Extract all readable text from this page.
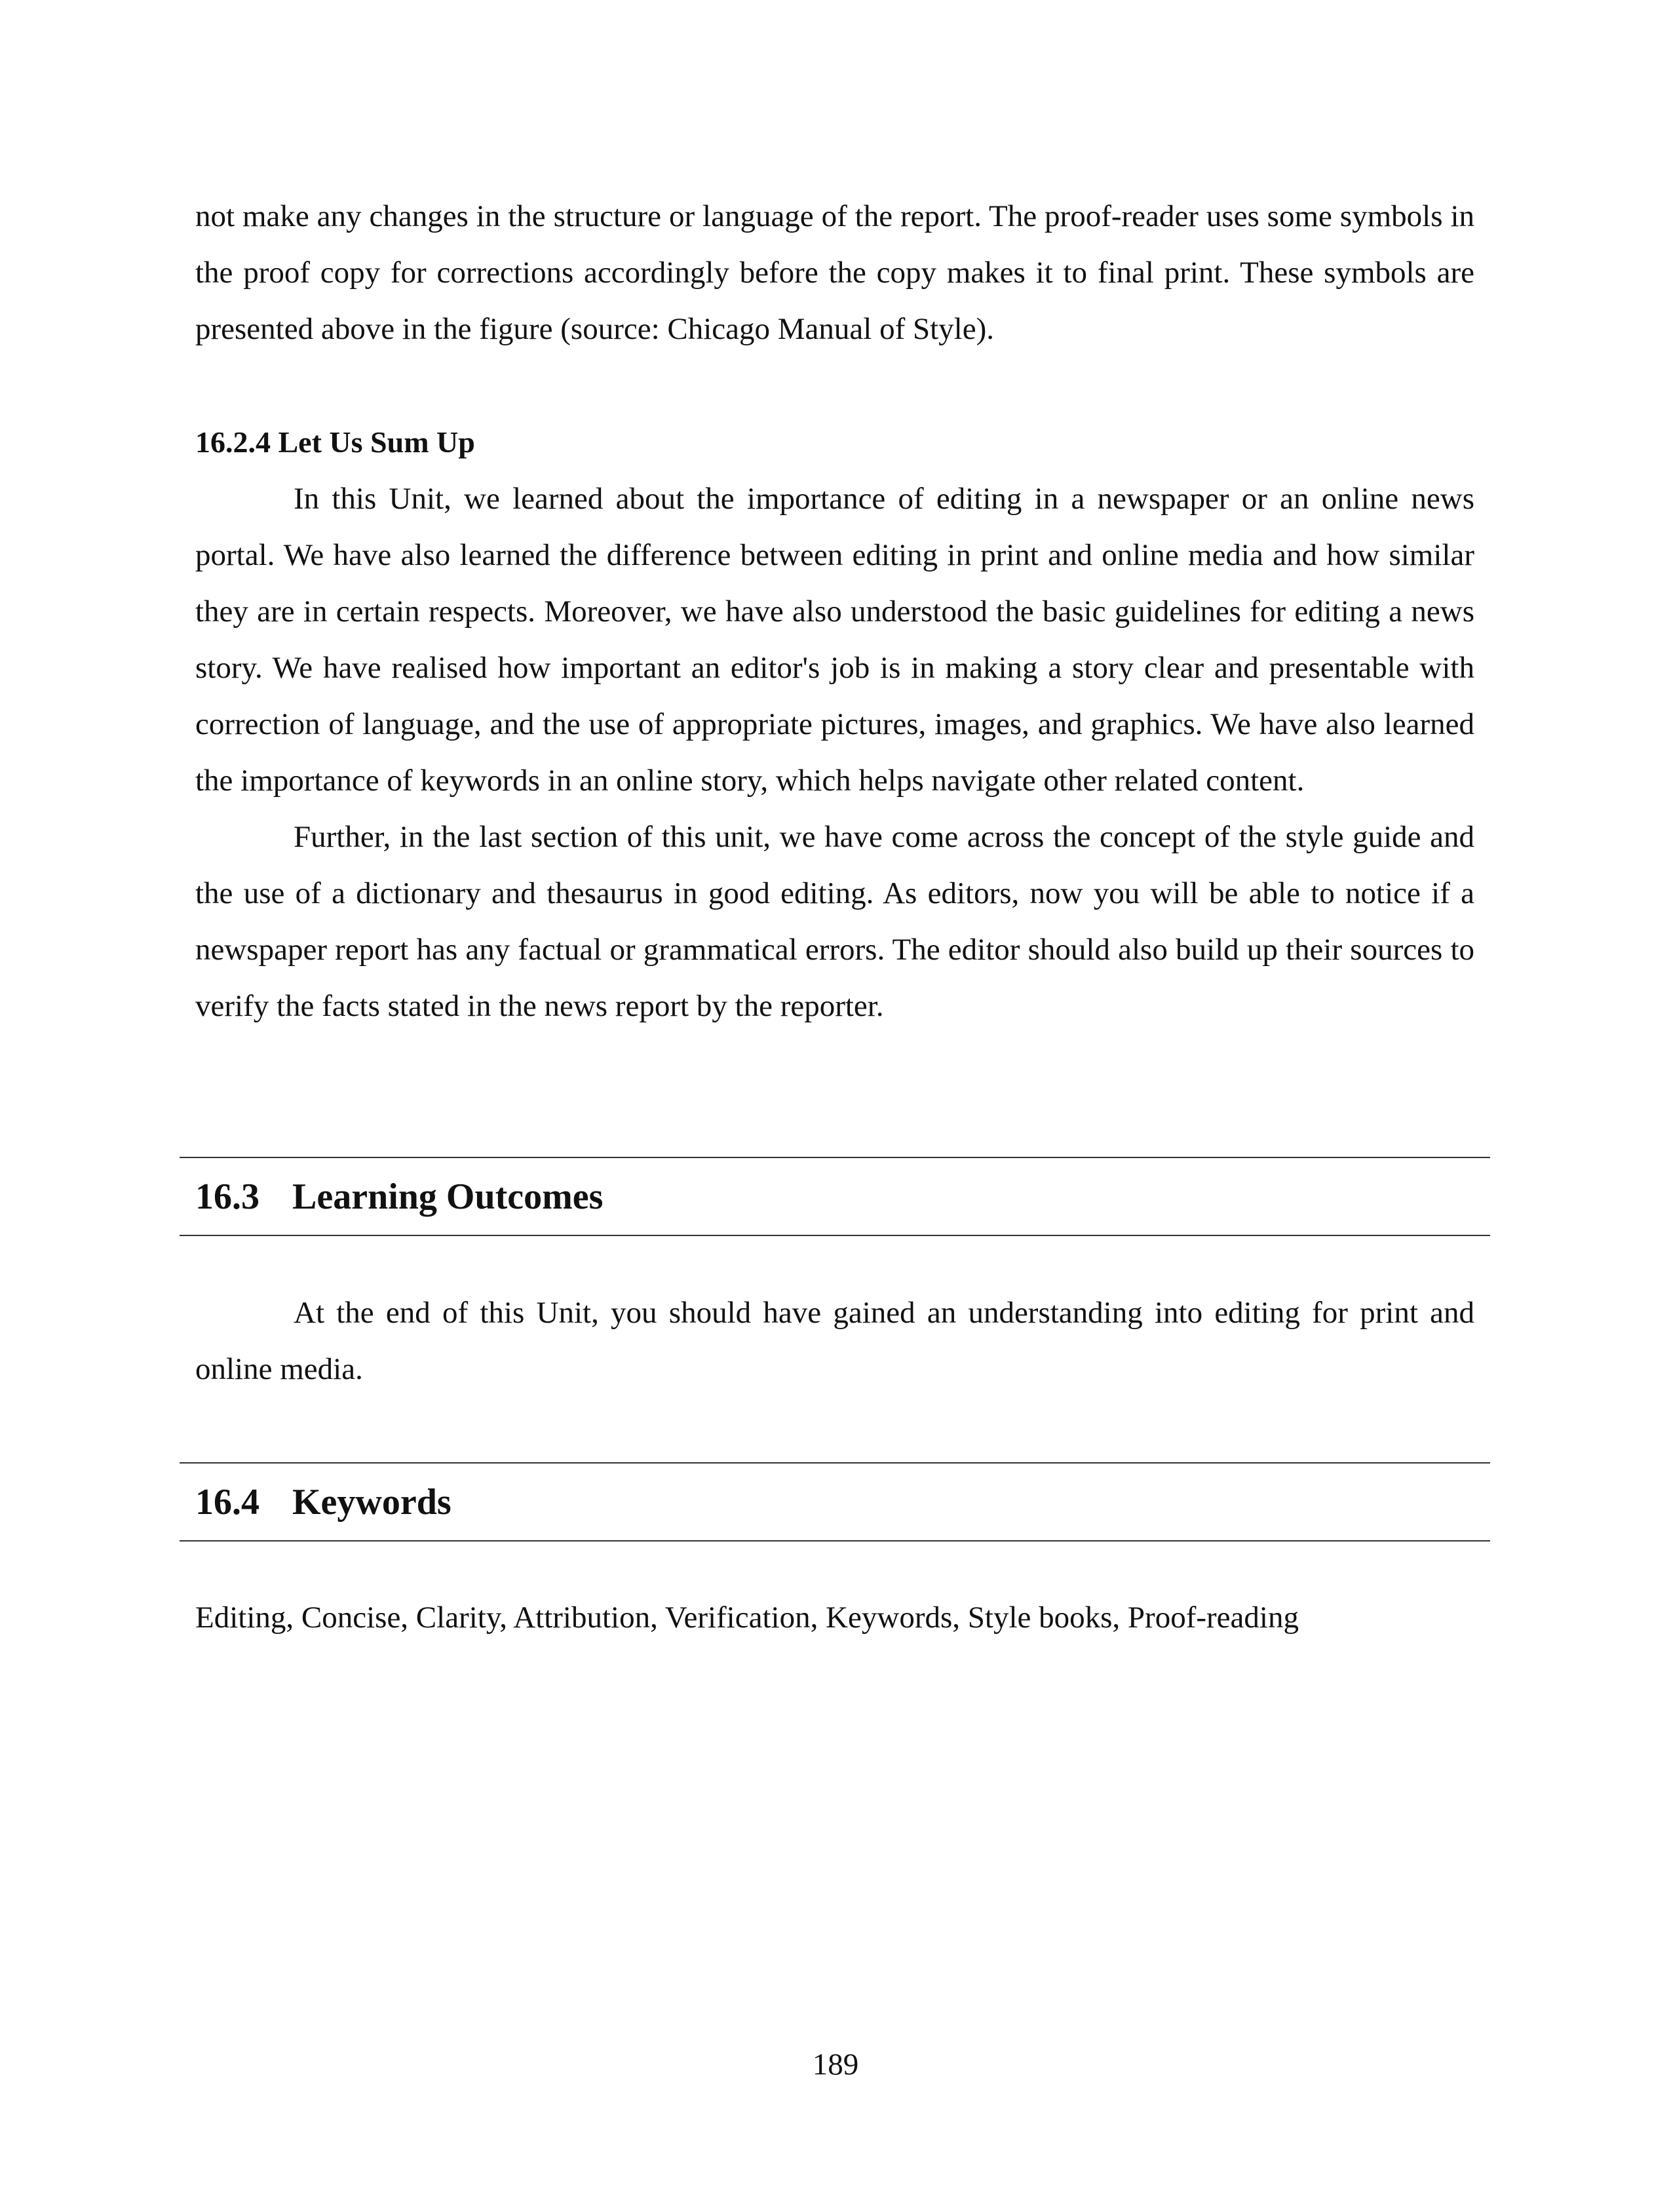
not make any changes in the structure or language of the report. The proof-reader uses some symbols in the proof copy for corrections accordingly before the copy makes it to final print. These symbols are presented above in the figure (source: Chicago Manual of Style).

16.2.4 Let Us Sum Up

In this Unit, we learned about the importance of editing in a newspaper or an online news portal. We have also learned the difference between editing in print and online media and how similar they are in certain respects. Moreover, we have also understood the basic guidelines for editing a news story. We have realised how important an editor's job is in making a story clear and presentable with correction of language, and the use of appropriate pictures, images, and graphics. We have also learned the importance of keywords in an online story, which helps navigate other related content.

Further, in the last section of this unit, we have come across the concept of the style guide and the use of a dictionary and thesaurus in good editing. As editors, now you will be able to notice if a newspaper report has any factual or grammatical errors. The editor should also build up their sources to verify the facts stated in the news report by the reporter.

16.3 Learning Outcomes

At the end of this Unit, you should have gained an understanding into editing for print and online media.

16.4 Keywords

Editing, Concise, Clarity, Attribution, Verification, Keywords, Style books, Proof-reading

189
